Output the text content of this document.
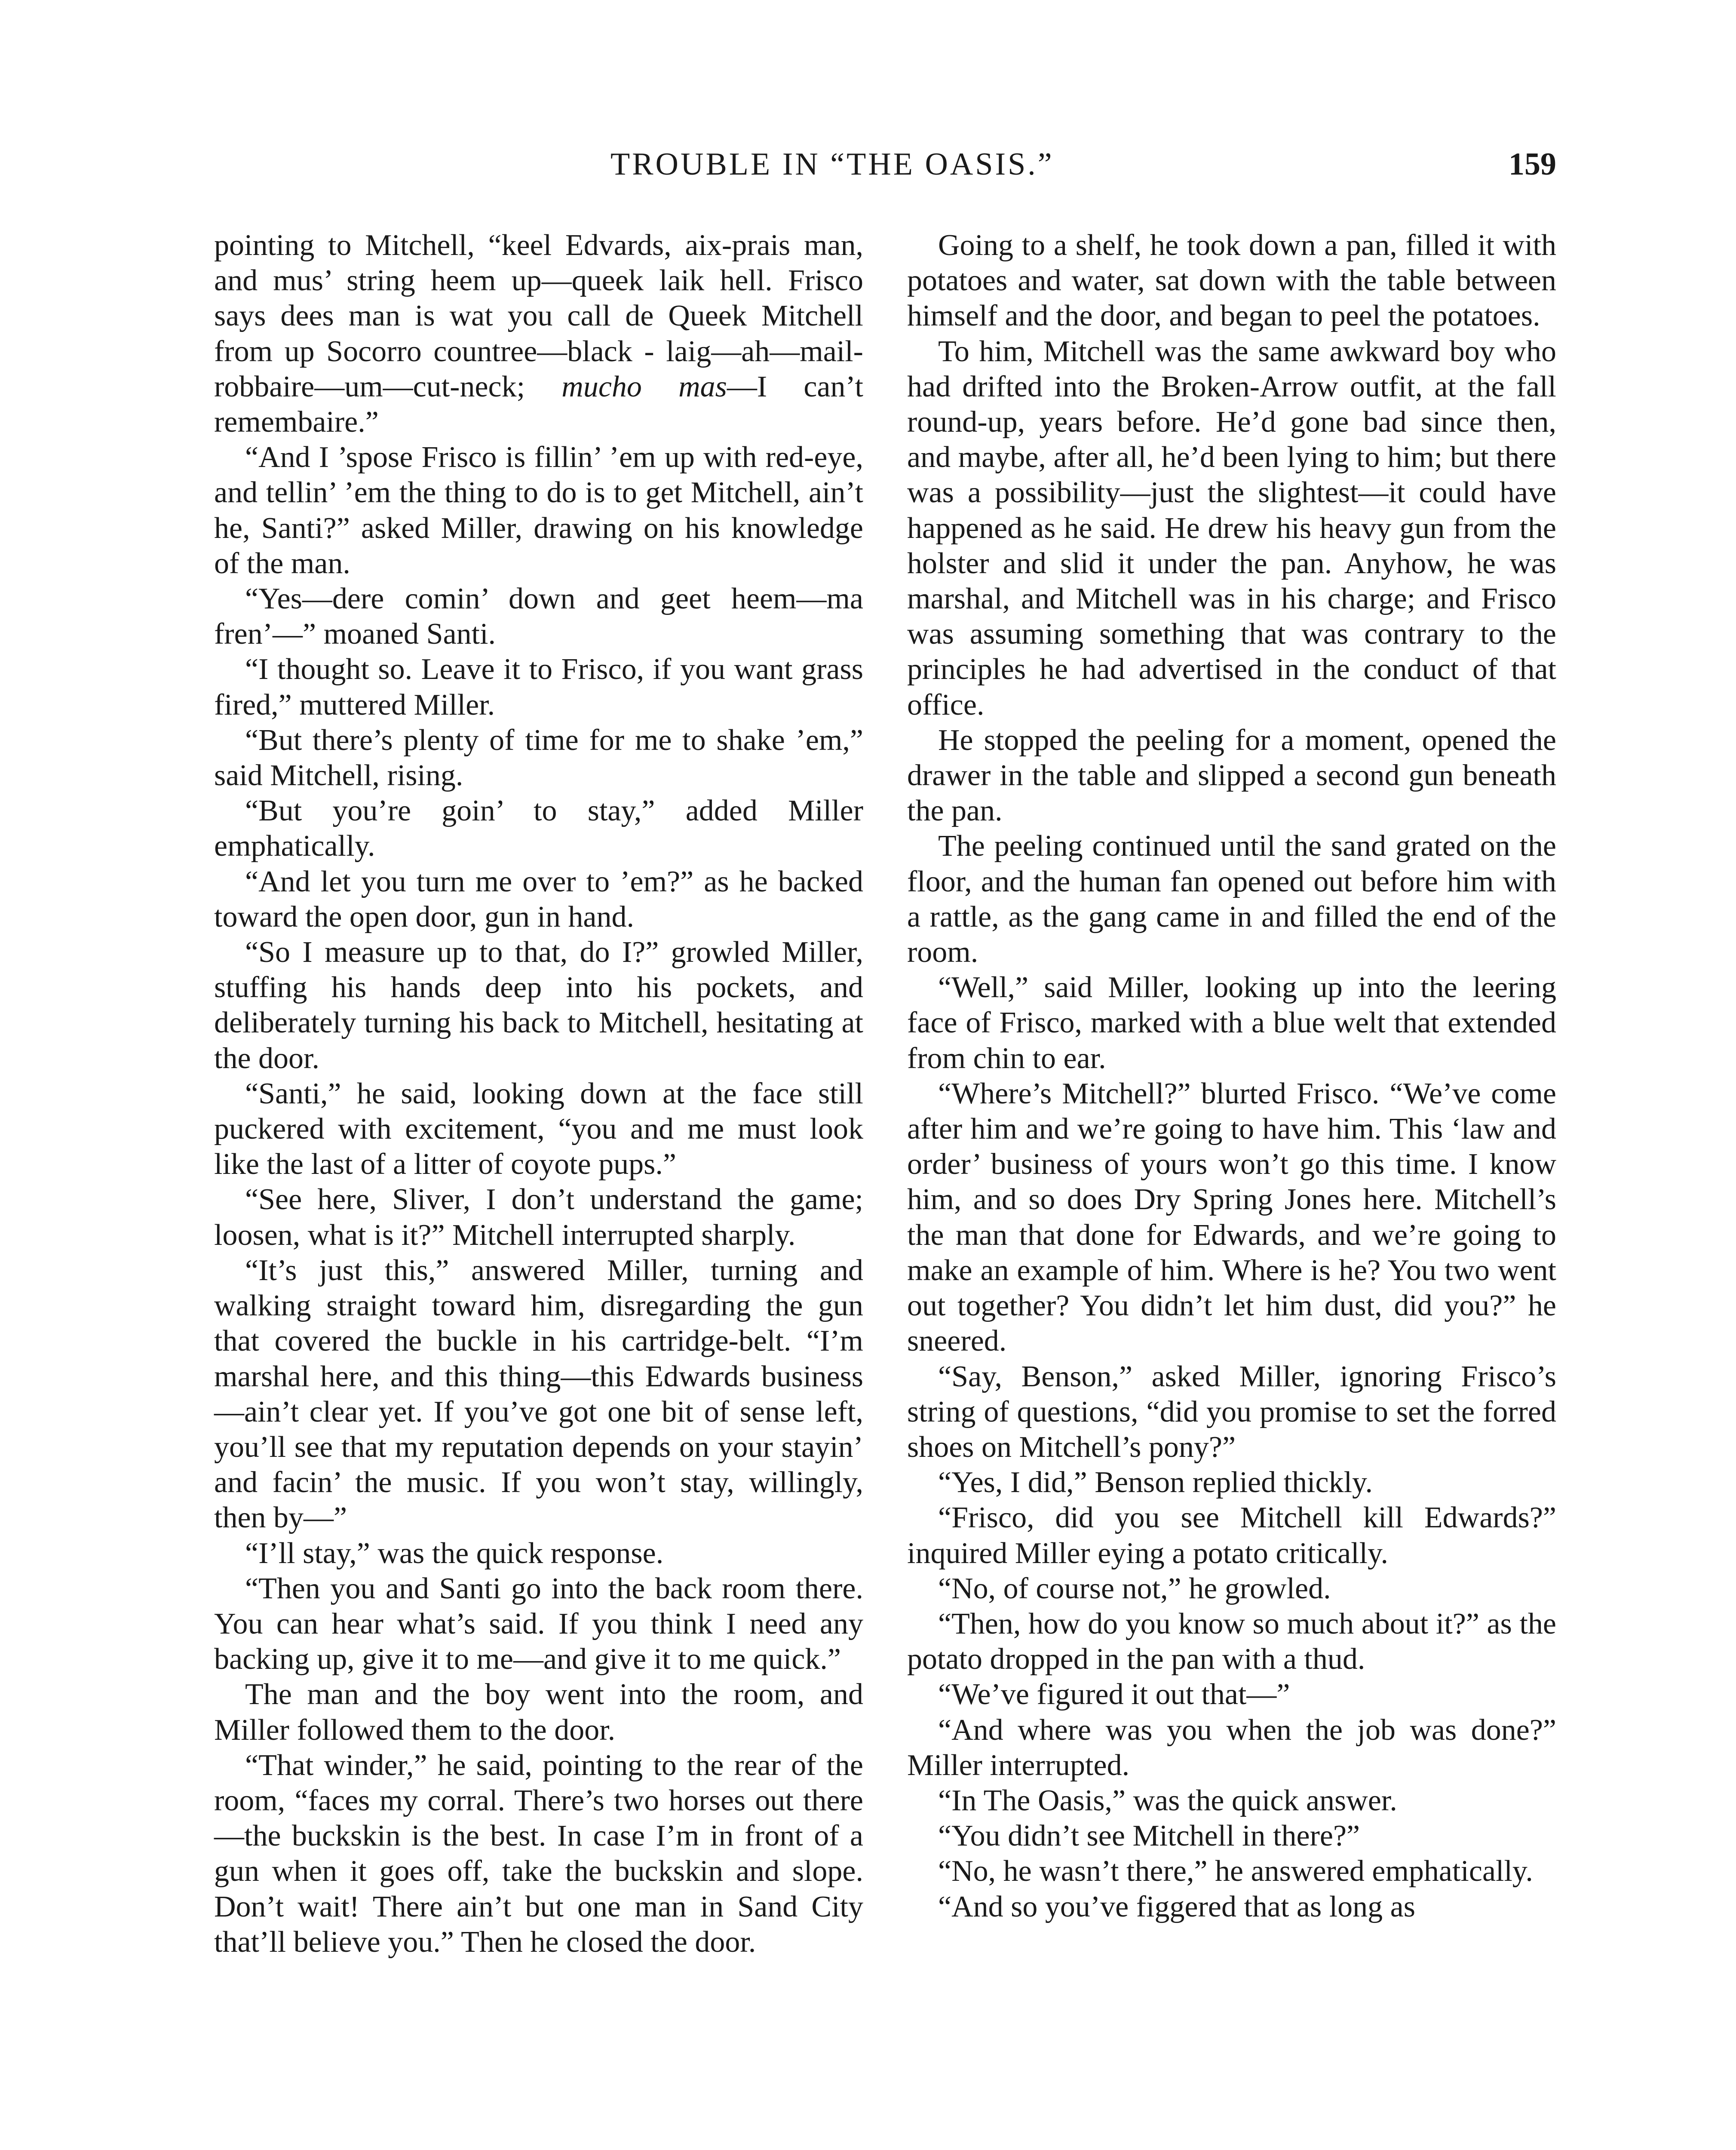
TROUBLE IN “THE OASIS.”	159

pointing to Mitchell, “keel Edvards, aix-prais man, and mus’ string heem up—queek laik hell. Frisco says dees man is wat you call de Queek Mitchell from up Socorro countree—black - laig—ah—mail-robbaire—um—cut-neck; mucho mas—I can’t remembaire.”

“And I ’spose Frisco is fillin’ ’em up with red-eye, and tellin’ ’em the thing to do is to get Mitchell, ain’t he, Santi?” asked Miller, drawing on his knowledge of the man.

“Yes—dere comin’ down and geet heem—ma fren’—” moaned Santi.

“I thought so. Leave it to Frisco, if you want grass fired,” muttered Miller.

“But there’s plenty of time for me to shake ’em,” said Mitchell, rising.

“But you’re goin’ to stay,” added Miller emphatically.

“And let you turn me over to ’em?” as he backed toward the open door, gun in hand.

“So I measure up to that, do I?” growled Miller, stuffing his hands deep into his pockets, and deliberately turning his back to Mitchell, hesitating at the door.

“Santi,” he said, looking down at the face still puckered with excitement, “you and me must look like the last of a litter of coyote pups.”

“See here, Sliver, I don’t understand the game; loosen, what is it?” Mitchell interrupted sharply.

“It’s just this,” answered Miller, turning and walking straight toward him, disregarding the gun that covered the buckle in his cartridge-belt. “I’m marshal here, and this thing—this Edwards business—ain’t clear yet. If you’ve got one bit of sense left, you’ll see that my reputation depends on your stayin’ and facin’ the music. If you won’t stay, willingly, then by—”

“I’ll stay,” was the quick response.

“Then you and Santi go into the back room there. You can hear what’s said. If you think I need any backing up, give it to me—and give it to me quick.”

The man and the boy went into the room, and Miller followed them to the door.

“That winder,” he said, pointing to the rear of the room, “faces my corral. There’s two horses out there—the buckskin is the best. In case I’m in front of a gun when it goes off, take the buckskin and slope. Don’t wait! There ain’t but one man in Sand City that’ll believe you.” Then he closed the door.

Going to a shelf, he took down a pan, filled it with potatoes and water, sat down with the table between himself and the door, and began to peel the potatoes.

To him, Mitchell was the same awkward boy who had drifted into the Broken-Arrow outfit, at the fall round-up, years before. He’d gone bad since then, and maybe, after all, he’d been lying to him; but there was a possibility—just the slightest—it could have happened as he said. He drew his heavy gun from the holster and slid it under the pan. Anyhow, he was marshal, and Mitchell was in his charge; and Frisco was assuming something that was contrary to the principles he had advertised in the conduct of that office.

He stopped the peeling for a moment, opened the drawer in the table and slipped a second gun beneath the pan.

The peeling continued until the sand grated on the floor, and the human fan opened out before him with a rattle, as the gang came in and filled the end of the room.

“Well,” said Miller, looking up into the leering face of Frisco, marked with a blue welt that extended from chin to ear.

“Where’s Mitchell?” blurted Frisco. “We’ve come after him and we’re going to have him. This ‘law and order’ business of yours won’t go this time. I know him, and so does Dry Spring Jones here. Mitchell’s the man that done for Edwards, and we’re going to make an example of him. Where is he? You two went out together? You didn’t let him dust, did you?” he sneered.

“Say, Benson,” asked Miller, ignoring Frisco’s string of questions, “did you promise to set the forred shoes on Mitchell’s pony?”

“Yes, I did,” Benson replied thickly.

“Frisco, did you see Mitchell kill Edwards?” inquired Miller eying a potato critically.

“No, of course not,” he growled.

“Then, how do you know so much about it?” as the potato dropped in the pan with a thud.

“We’ve figured it out that—”

“And where was you when the job was done?” Miller interrupted.

“In The Oasis,” was the quick answer.

“You didn’t see Mitchell in there?”

“No, he wasn’t there,” he answered emphatically.

“And so you’ve figgered that as long as
